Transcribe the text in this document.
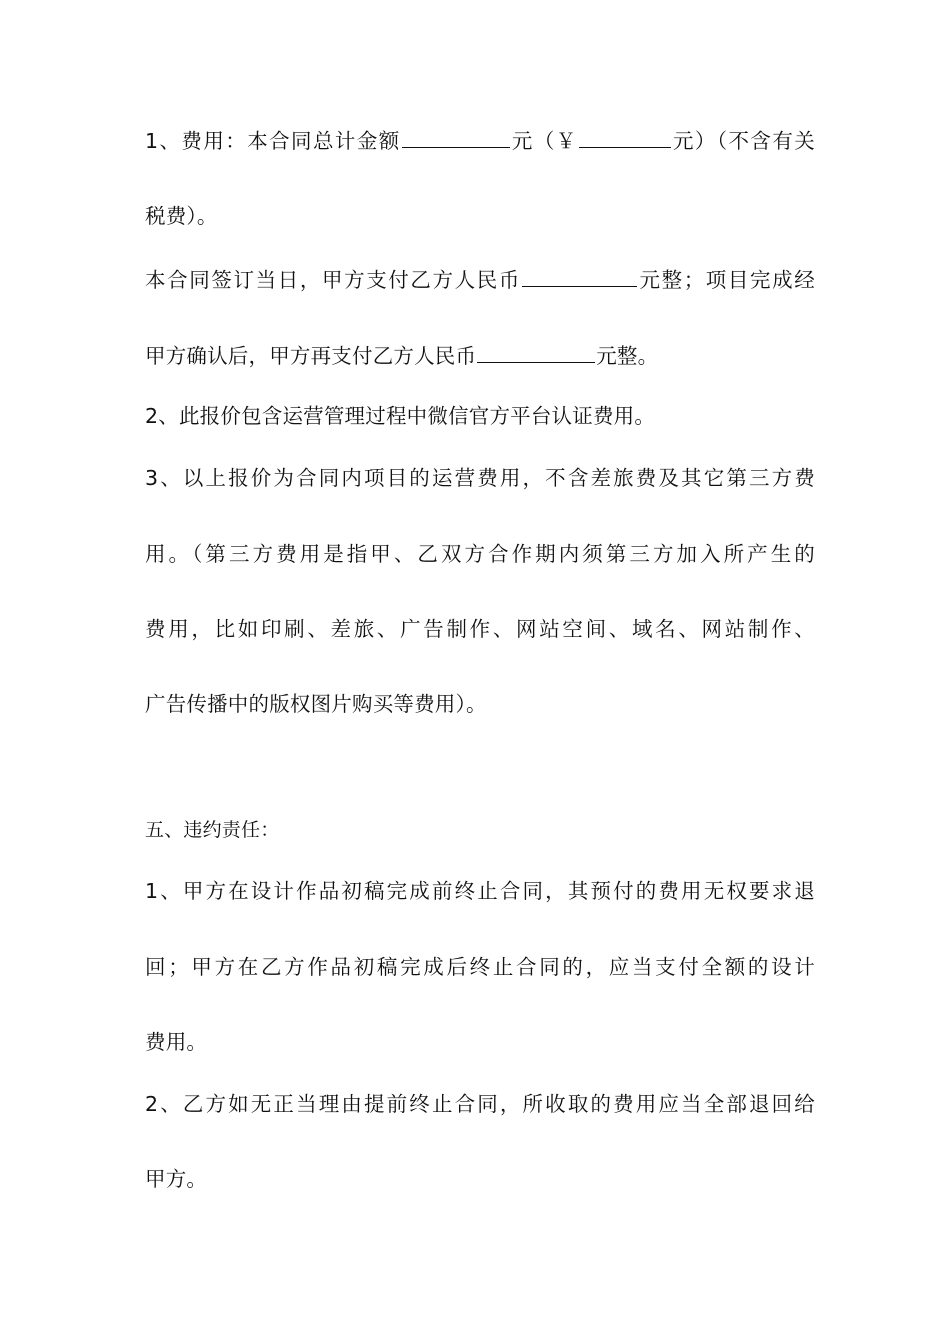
1、费用：本合同总计金额	元（￥	元）（不含有关
税费）。
本合同签订当日，甲方支付乙方人民币	元整；项目完成经
甲方确认后，甲方再支付乙方人民币	元整。
2、此报价包含运营管理过程中微信官方平台认证费用。
3、以上报价为合同内项目的运营费用，不含差旅费及其它第三方费
用。（第三方费用是指甲、乙双方合作期内须第三方加入所产生的
费用，比如印刷、差旅、广告制作、网站空间、域名、网站制作、
广告传播中的版权图片购买等费用）。
五、违约责任：
1、甲方在设计作品初稿完成前终止合同，其预付的费用无权要求退
回；甲方在乙方作品初稿完成后终止合同的，应当支付全额的设计
费用。
2、乙方如无正当理由提前终止合同，所收取的费用应当全部退回给
甲方。
